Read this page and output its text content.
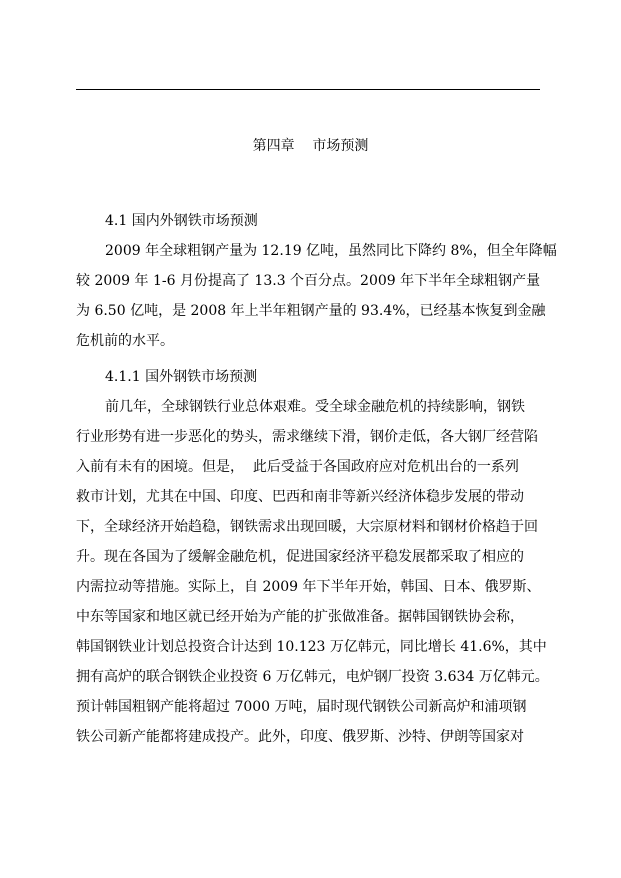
第四章    市场预测
4.1 国内外钢铁市场预测
2009 年全球粗钢产量为 12.19 亿吨，虽然同比下降约 8%，但全年降幅
较 2009 年 1-6 月份提高了 13.3 个百分点。2009 年下半年全球粗钢产量
为 6.50 亿吨，是 2008 年上半年粗钢产量的 93.4%，已经基本恢复到金融
危机前的水平。
4.1.1 国外钢铁市场预测
前几年，全球钢铁行业总体艰难。受全球金融危机的持续影响，钢铁
行业形势有进一步恶化的势头，需求继续下滑，钢价走低，各大钢厂经营陷
入前有未有的困境。但是，  此后受益于各国政府应对危机出台的一系列
救市计划，尤其在中国、印度、巴西和南非等新兴经济体稳步发展的带动
下，全球经济开始趋稳，钢铁需求出现回暖，大宗原材料和钢材价格趋于回
升。现在各国为了缓解金融危机，促进国家经济平稳发展都采取了相应的
内需拉动等措施。实际上，自 2009 年下半年开始，韩国、日本、俄罗斯、
中东等国家和地区就已经开始为产能的扩张做准备。据韩国钢铁协会称，
韩国钢铁业计划总投资合计达到 10.123 万亿韩元，同比增长 41.6%，其中
拥有高炉的联合钢铁企业投资 6 万亿韩元，电炉钢厂投资 3.634 万亿韩元。
预计韩国粗钢产能将超过 7000 万吨，届时现代钢铁公司新高炉和浦项钢
铁公司新产能都将建成投产。此外，印度、俄罗斯、沙特、伊朗等国家对
